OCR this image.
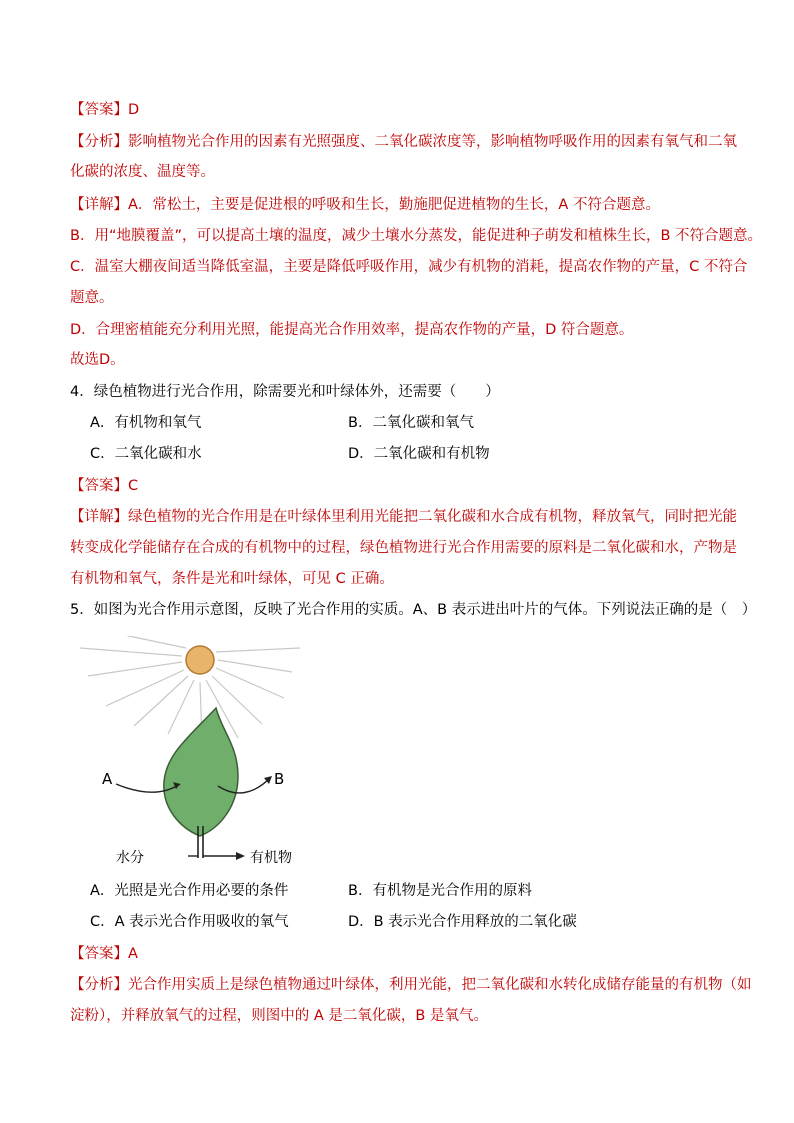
【答案】D
【分析】影响植物光合作用的因素有光照强度、二氧化碳浓度等，影响植物呼吸作用的因素有氧气和二氧
化碳的浓度、温度等。
【详解】A．常松土，主要是促进根的呼吸和生长，勤施肥促进植物的生长，A 不符合题意。
B．用“地膜覆盖”，可以提高土壤的温度，减少土壤水分蒸发，能促进种子萌发和植株生长，B 不符合题意。
C．温室大棚夜间适当降低室温，主要是降低呼吸作用，减少有机物的消耗，提高农作物的产量，C 不符合
题意。
D．合理密植能充分利用光照，能提高光合作用效率，提高农作物的产量，D 符合题意。
故选D。
4．绿色植物进行光合作用，除需要光和叶绿体外，还需要（　　）
A．有机物和氧气	B．二氧化碳和氧气
C．二氧化碳和水	D．二氧化碳和有机物
【答案】C
【详解】绿色植物的光合作用是在叶绿体里利用光能把二氧化碳和水合成有机物，释放氧气，同时把光能
转变成化学能储存在合成的有机物中的过程，绿色植物进行光合作用需要的原料是二氧化碳和水，产物是
有机物和氧气，条件是光和叶绿体，可见 C 正确。
5．如图为光合作用示意图，反映了光合作用的实质。A、B 表示进出叶片的气体。下列说法正确的是（　）
A	B
水分	有机物
A．光照是光合作用必要的条件	B．有机物是光合作用的原料
C．A 表示光合作用吸收的氧气	D．B 表示光合作用释放的二氧化碳
【答案】A
【分析】光合作用实质上是绿色植物通过叶绿体，利用光能，把二氧化碳和水转化成储存能量的有机物（如
淀粉），并释放氧气的过程，则图中的 A 是二氧化碳，B 是氧气。
